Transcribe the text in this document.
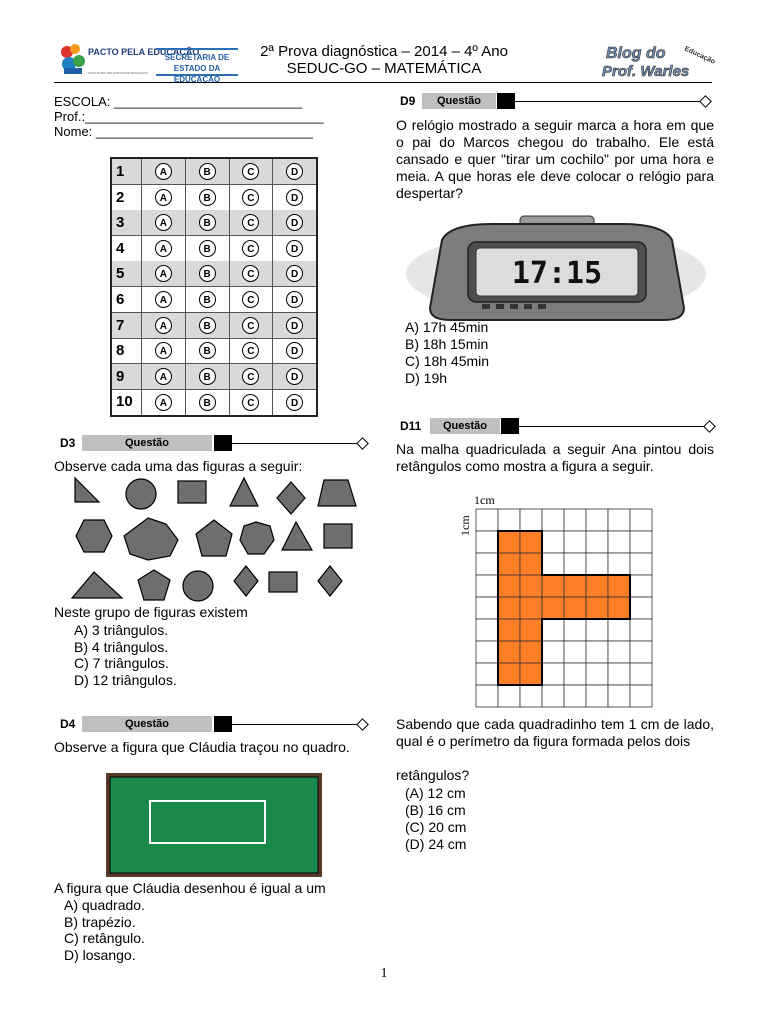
PACTO PELA EDUCAÇÃO
UM FUTURO MELHOR EXIGE MUDANÇAS
SECRETARIA DE ESTADO DA EDUCAÇÃO
2ª Prova diagnóstica – 2014 – 4º Ano
SEDUC-GO – MATEMÁTICA
Blog do
Prof. Warles
Educação
ESCOLA: __________________________
Prof.:_________________________________
Nome: ______________________________
1	A	B	C	D
2	A	B	C	D
3	A	B	C	D
4	A	B	C	D
5	A	B	C	D
6	A	B	C	D
7	A	B	C	D
8	A	B	C	D
9	A	B	C	D
10	A	B	C	D
D3	Questão
Observe cada uma das figuras a seguir:
Neste grupo de figuras existem
A) 3 triângulos.
B) 4 triângulos.
C) 7 triângulos.
D) 12 triângulos.
D4	Questão
Observe a figura que Cláudia traçou no quadro.
A figura que Cláudia desenhou é igual a um
A) quadrado.
B) trapézio.
C) retângulo.
D) losango.
D9	Questão
O relógio mostrado a seguir marca a hora em que o pai do Marcos chegou do trabalho. Ele está cansado e quer "tirar um cochilo" por uma hora e meia. A que horas ele deve colocar o relógio para despertar?
17:15
A) 17h 45min
B) 18h 15min
C) 18h 45min
D) 19h
D11	Questão
Na malha quadriculada a seguir Ana pintou dois retângulos como mostra a figura a seguir.
1cm
1cm
Sabendo que cada quadradinho tem 1 cm de lado, qual é o perímetro da figura formada pelos dois
retângulos?
(A) 12 cm
(B) 16 cm
(C) 20 cm
(D) 24 cm
1
